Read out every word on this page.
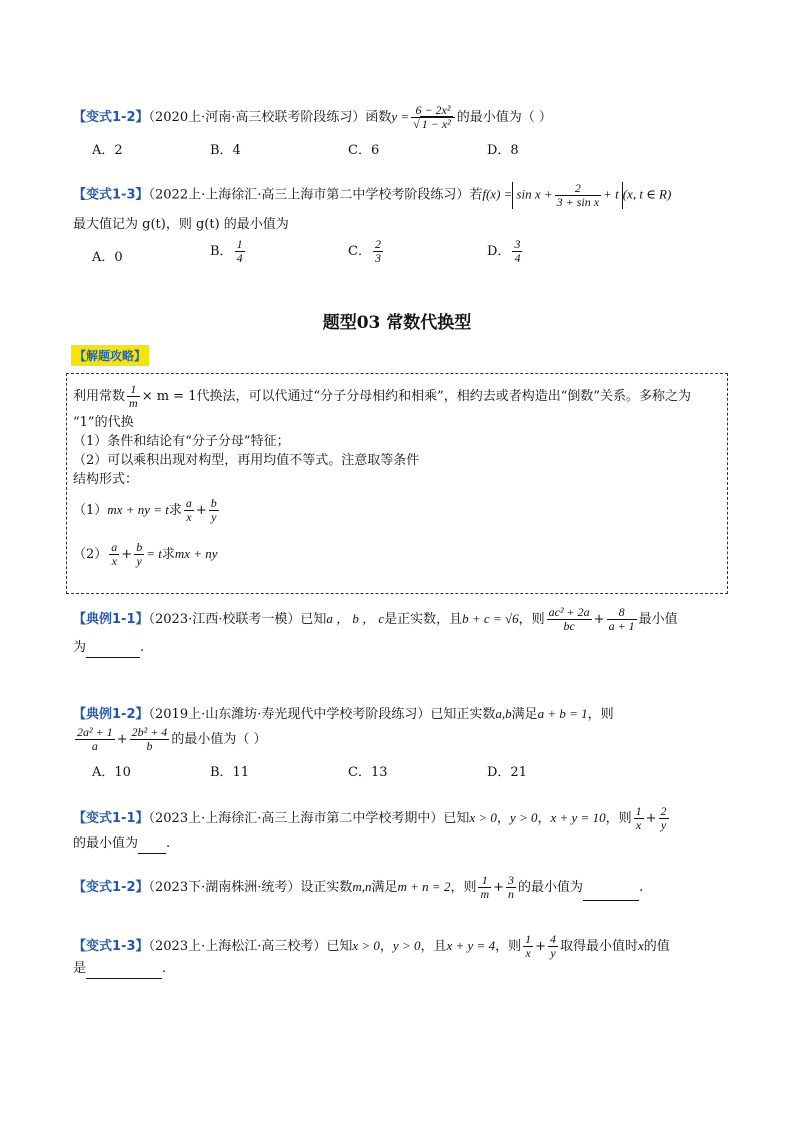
【变式1-2】（2020上·河南·高三校联考阶段练习）函数$y = \frac{\text{6 − 2x²}}{\text{√ 1 − x²}}$ 的最小值为（ ）
A．2	B．4	C．6	D．8
【变式1-3】（2022上·上海徐汇·高三上海市第二中学校考阶段练习）若$f(x) = \sin x + \frac{2}{\text{3 + sin x}} + t$ (x, t ∈ R)
最大值记为 g(t)，则 g(t) 的最小值为
A．0	B． $\frac{1}{4}$	C． $\frac{2}{3}$	D． $\frac{3}{4}$
题型03 常数代换型
【解题攻略】
利用常数 $\frac{1}{m} \times m = 1$代换法，可以代通过“分子分母相约和相乘”，相约去或者构造出“倒数”关系。多称之为
“1”的代换
（1）条件和结论有“分子分母”特征；
（2）可以乘积出现对构型，再用均值不等式。注意取等条件
结构形式：
（1）mx + ny = t求 $\frac{a}{x} + \frac{b}{y}$
$(2) \frac{a}{x} + \frac{b}{y} = t$求mx + ny
【典例1-1】（2023·江西·校联考一模）已知a ， b ， c是正实数，且b + c = √6，则 $\frac{\text{ac² + 2a}}{bc} + \frac{8}{a + 1}$ 最小值
为	.
【典例1-2】（2019上·山东潍坊·寿光现代中学校考阶段练习）已知正实数a,b满足a + b = 1，则
$\frac{\text{2a² + 1}}{a} + \frac{\text{2b² + 4}}{b}$ 的最小值为（ ）
A．10	B．11	C．13	D．21
【变式1-1】（2023上·上海徐汇·高三上海市第二中学校考期中）已知x > 0，y > 0，x + y = 10，则 $\frac{1}{x} + \frac{2}{y}$
的最小值为 .
【变式1-2】（2023下·湖南株洲·统考）设正实数m,n满足m + n = 2，则 $\frac{1}{m} + \frac{3}{n}$ 的最小值为	.
【变式1-3】（2023上·上海松江·高三校考）已知x > 0，y > 0，且x + y = 4，则 $\frac{1}{x} + \frac{4}{y}$ 取得最小值时x的值
是	.
